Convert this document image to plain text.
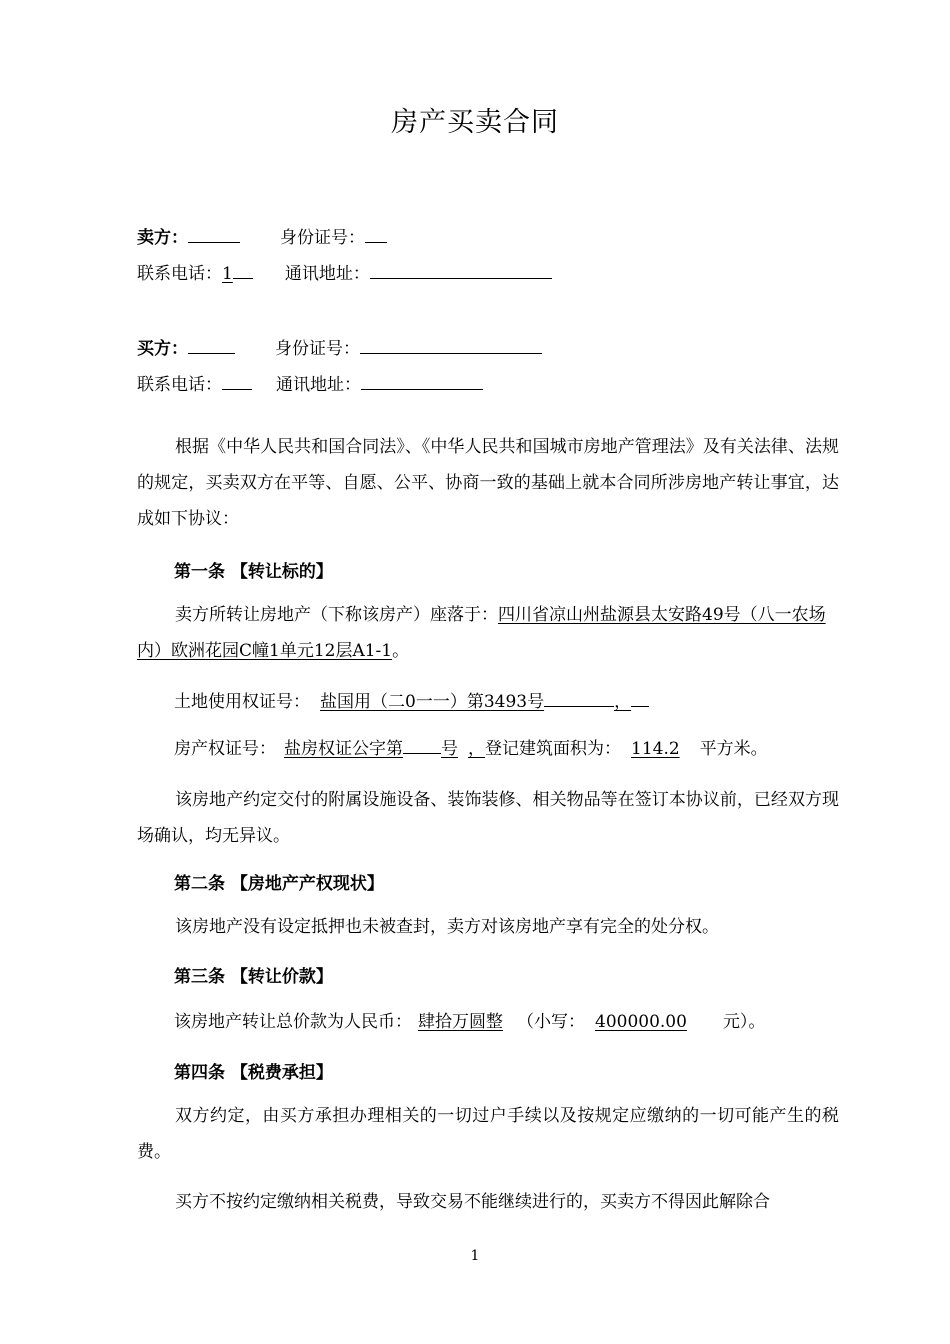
房产买卖合同
卖方：	身份证号：
联系电话：1	通讯地址：
买方：	身份证号：
联系电话：	通讯地址：
根据《中华人民共和国合同法》、《中华人民共和国城市房地产管理法》及有关法律、法规的规定，买卖双方在平等、自愿、公平、协商一致的基础上就本合同所涉房地产转让事宜，达成如下协议：
第一条 【转让标的】
卖方所转让房地产（下称该房产）座落于：四川省凉山州盐源县太安路49号（八一农场内）欧洲花园C幢1单元12层A1-1。
土地使用权证号： 盐国用（二0一一）第3493号	，
房产权证号： 盐房权证公字第 号 ，登记建筑面积为： 114.2 平方米。
该房地产约定交付的附属设施设备、装饰装修、相关物品等在签订本协议前，已经双方现场确认，均无异议。
第二条 【房地产产权现状】
该房地产没有设定抵押也未被查封，卖方对该房地产享有完全的处分权。
第三条 【转让价款】
该房地产转让总价款为人民币： 肆拾万圆整 （小写： 400000.00 元）。
第四条 【税费承担】
双方约定，由买方承担办理相关的一切过户手续以及按规定应缴纳的一切可能产生的税费。
买方不按约定缴纳相关税费，导致交易不能继续进行的，买卖方不得因此解除合
1
